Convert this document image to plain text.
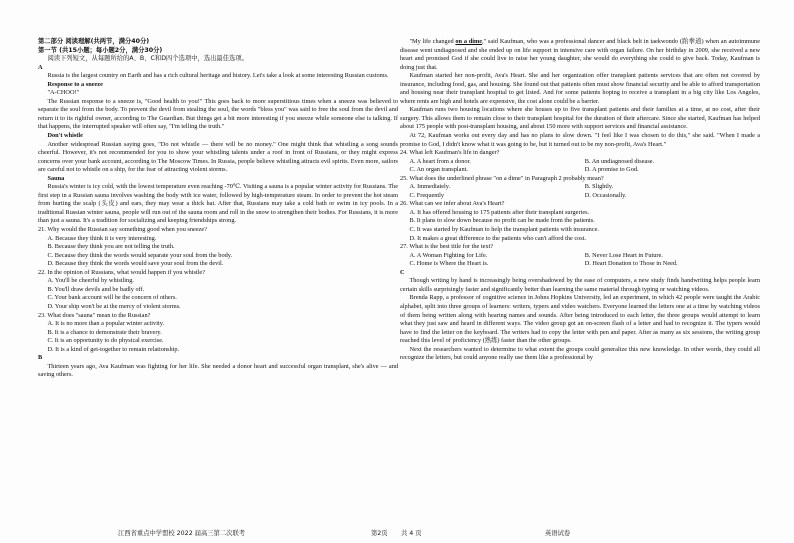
第二部分 阅读理解(共两节，满分40分)

第一节 (共15小题；每小题2分，满分30分)

阅读下列短文，从每题所给的A、B、C和D四个选项中，选出最佳选项。

A

Russia is the largest country on Earth and has a rich cultural heritage and history. Let's take a look at some interesting Russian customs.

Response to a sneeze

"A-CHOO!"

The Russian response to a sneeze is, "Good health to you!" This goes back to more superstitious times when a sneeze was believed to separate the soul from the body. To prevent the devil from stealing the soul, the words "bless you" was said to free the soul from the devil and return it to its rightful owner, according to The Guardian. But things get a bit more interesting if you sneeze while someone else is talking. If that happens, the interrupted speaker will often say, "I'm telling the truth."

Don't whistle

Another widespread Russian saying goes, "Do not whistle — there will be no money." One might think that whistling a song sounds cheerful. However, it's not recommended for you to show your whistling talents under a roof in front of Russians, or they might express concerns over your bank account, according to The Moscow Times. In Russia, people believe whistling attracts evil spirits. Even more, sailors are careful not to whistle on a ship, for the fear of attracting violent storms.

Sauna

Russia's winter is icy cold, with the lowest temperature even reaching -70℃. Visiting a sauna is a popular winter activity for Russians. The first step in a Russian sauna involves washing the body with ice water, followed by high-temperature steam. In order to prevent the hot steam from hurting the scalp (头皮) and ears, they may wear a thick hat. After that, Russians may take a cold bath or swim in icy pools. In a traditional Russian winter sauna, people will run out of the sauna room and roll in the snow to strengthen their bodies. For Russians, it is more than just a sauna. It's a tradition for socializing and keeping friendships strong.

21. Why would the Russian say something good when you sneeze?

A. Because they think it is very interesting.

B. Because they think you are not telling the truth.

C. Because they think the words would separate your soul from the body.

D. Because they think the words would save your soul from the devil.

22. In the opinion of Russians, what would happen if you whistle?

A. You'll be cheerful by whistling.

B. You'll draw devils and be badly off.

C. Your bank account will be the concern of others.

D. Your ship won't be at the mercy of violent storms.

23. What does "sauna" mean to the Russian?

A. It is no more than a popular winter activity.

B. It is a chance to demonstrate their bravery.

C. It is an opportunity to do physical exercise.

D. It is a kind of get-together to remain relationship.

B

Thirteen years ago, Ava Kaufman was fighting for her life. She needed a donor heart and successful organ transplant, she's alive — and saving others.

"My life changed on a dime," said Kaufman, who was a professional dancer and black belt in taekwondo (跆拳道) when an autoimmune disease went undiagnosed and she ended up on life support in intensive care with organ failure. On her birthday in 2009, she received a new heart and promised God if she could live to raise her young daughter, she would do everything she could to give back. Today, Kaufman is doing just that.

Kaufman started her non-profit, Ava's Heart. She and her organization offer transplant patients services that are often not covered by insurance, including food, gas, and housing. She found out that patients often must show financial security and be able to afford transportation and housing near their transplant hospital to get listed. And for some patients hoping to receive a transplant in a big city like Los Angeles, where rents are high and hotels are expensive, the cost alone could be a barrier.

Kaufman runs two housing locations where she houses up to five transplant patients and their families at a time, at no cost, after their surgery. This allows them to remain close to their transplant hospital for the duration of their aftercare. Since she started, Kaufman has helped about 175 people with post-transplant housing, and about 150 more with support services and financial assistance.

At 72, Kaufman works out every day and has no plans to slow down. "I feel like I was chosen to do this," she said. "When I made a promise to God, I didn't know what it was going to be, but it turned out to be my non-profit, Ava's Heart."

24. What left Kaufman's life in danger?

A. A heart from a donor.	B. An undiagnosed disease.
C. An organ transplant.	D. A promise to God.

25. What does the underlined phrase "on a dime" in Paragraph 2 probably mean?

A. Immediately.	B. Slightly.
C. Frequently	D. Occasionally.

26. What can we infer about Ava's Heart?

A. It has offered housing to 175 patients after their transplant surgeries.

B. It plans to slow down because no profit can be made from the patients.

C. It was started by Kaufman to help the transplant patients with insurance.

D. It makes a great difference to the patients who can't afford the cost.

27. What is the best title for the text?

A. A Woman Fighting for Life.	B. Never Lose Heart in Future.
C. Home is Where the Heart is.	D. Heart Donation to Those in Need.

C

Though writing by hand is increasingly being overshadowed by the ease of computers, a new study finds handwriting helps people learn certain skills surprisingly faster and significantly better than learning the same material through typing or watching videos.

Brenda Rapp, a professor of cognitive science in Johns Hopkins University, led an experiment, in which 42 people were taught the Arabic alphabet, split into three groups of learners: writers, typers and video watchers. Everyone learned the letters one at a time by watching videos of them being written along with hearing names and sounds. After being introduced to each letter, the three groups would attempt to learn what they just saw and heard in different ways. The video group got an on-screen flash of a letter and had to recognize it. The typers would have to find the letter on the keyboard. The writers had to copy the letter with pen and paper. After as many as six sessions, the writing group reached this level of proficiency (熟练) faster than the other groups.

Next the researchers wanted to determine to what extent the groups could generalize this new knowledge. In other words, they could all recognize the letters, but could anyone really use them like a professional by

江西省重点中学盟校 2022 届高三第二次联考	第2页 共 4 页	英语试卷
